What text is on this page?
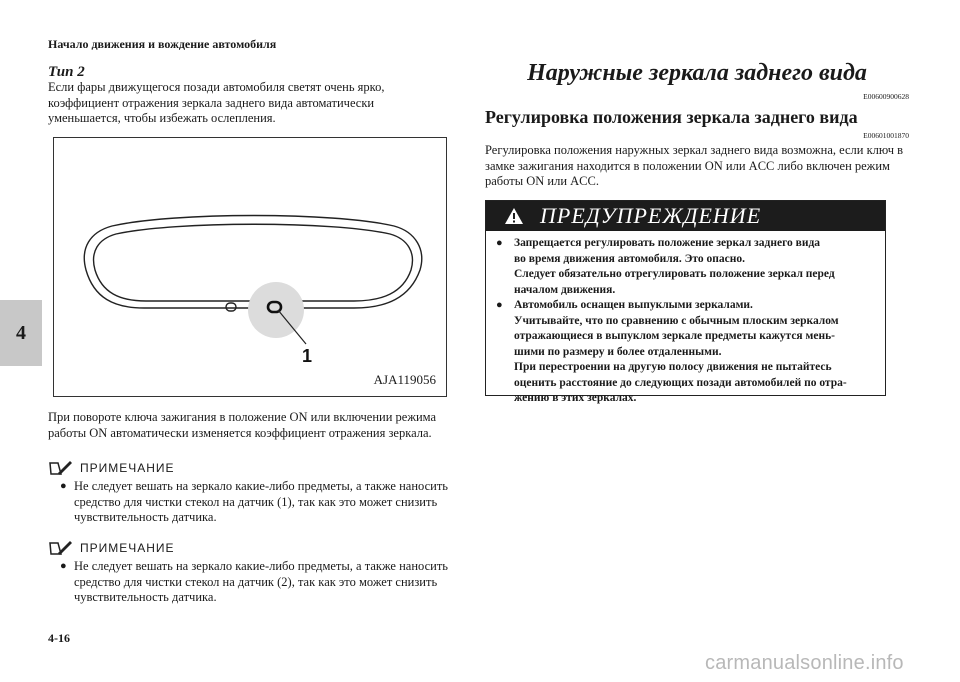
Начало движения и вождение автомобиля
4
Тип 2

Если фары движущегося позади автомобиля светят очень ярко, коэффициент отражения зеркала заднего вида автоматически уменьшается, чтобы избежать ослепления.

1
AJA119056

При повороте ключа зажигания в положение ON или включении режима работы ON автоматически изменяется коэффициент отражения зеркала.

ПРИМЕЧАНИЕ
● Не следует вешать на зеркало какие-либо предметы, а также наносить средство для чистки стекол на датчик (1), так как это может снизить чувствительность датчика.
ПРИМЕЧАНИЕ
● Не следует вешать на зеркало какие-либо предметы, а также наносить средство для чистки стекол на датчик (2), так как это может снизить чувствительность датчика.
Наружные зеркала заднего вида
E00600900628
Регулировка положения зеркала заднего вида
E00601001870

Регулировка положения наружных зеркал заднего вида возможна, если ключ в замке зажигания находится в положении ON или ACC либо включен режим работы ON или ACC.

ПРЕДУПРЕЖДЕНИЕ
● Запрещается регулировать положение зеркал заднего вида
во время движения автомобиля. Это опасно.
Следует обязательно отрегулировать положение зеркал перед
началом движения.
● Автомобиль оснащен выпуклыми зеркалами.
Учитывайте, что по сравнению с обычным плоским зеркалом
отражающиеся в выпуклом зеркале предметы кажутся мень-
шими по размеру и более отдаленными.
При перестроении на другую полосу движения не пытайтесь
оценить расстояние до следующих позади автомобилей по отра-
жению в этих зеркалах.
4-16
carmanualsonline.info
